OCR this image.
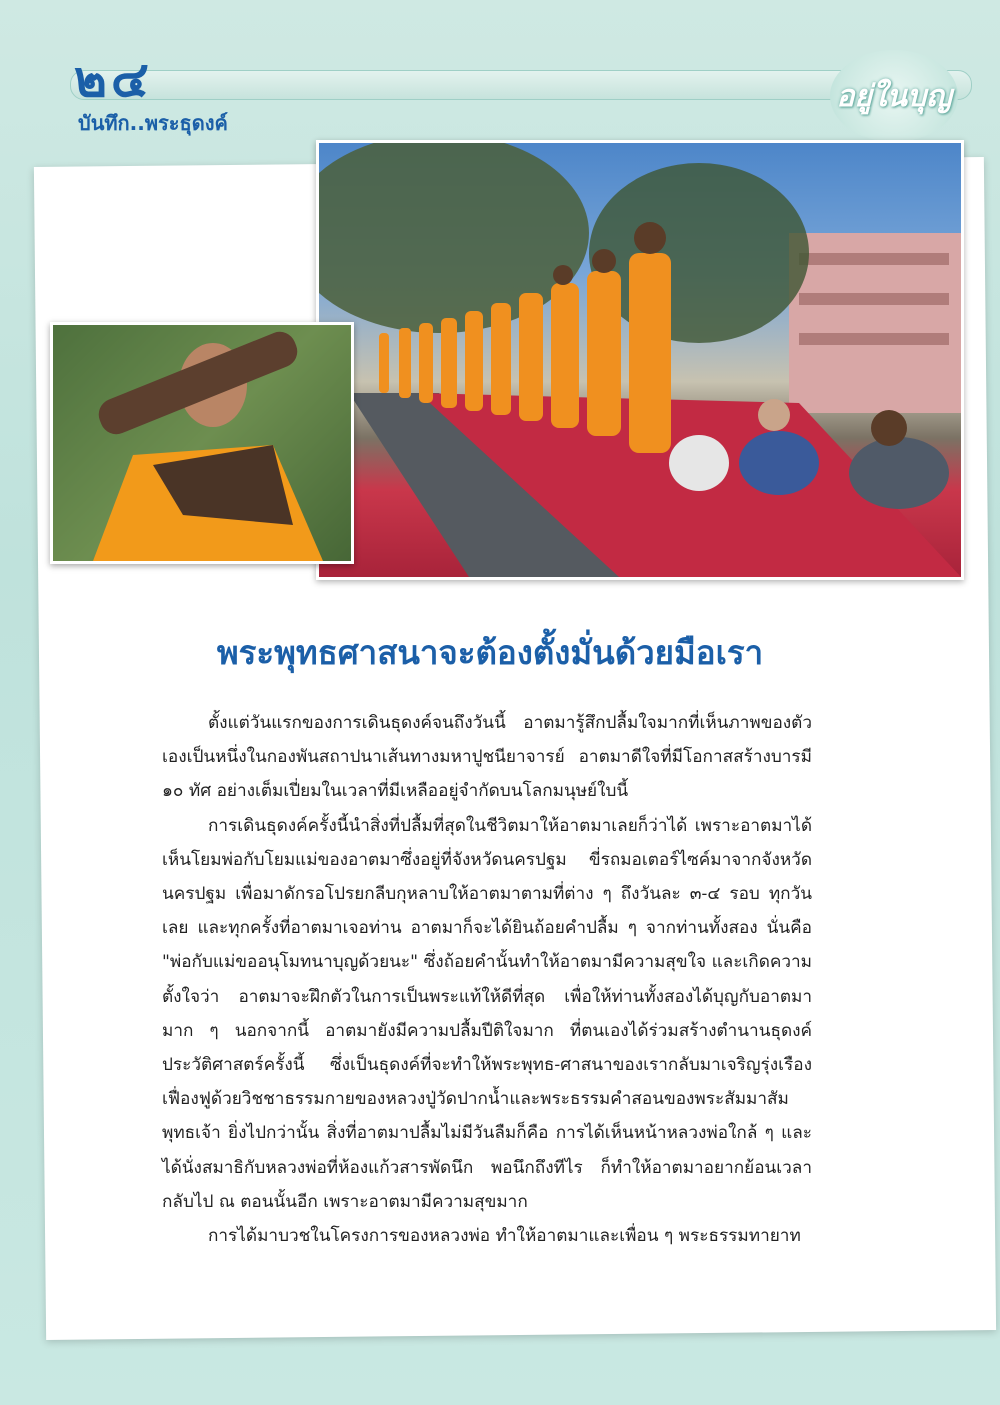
๒๔
บันทึก..พระธุดงค์
อยู่ในบุญ
พระพุทธศาสนาจะต้องตั้งมั่นด้วยมือเรา

ตั้งแต่วันแรกของการเดินธุดงค์จนถึงวันนี้ อาตมารู้สึกปลื้มใจมากที่เห็นภาพของตัวเองเป็นหนึ่งในกองพันสถาปนาเส้นทางมหาปูชนียาจารย์ อาตมาดีใจที่มีโอกาสสร้างบารมี ๑๐ ทัศ อย่างเต็มเปี่ยมในเวลาที่มีเหลืออยู่จำกัดบนโลกมนุษย์ใบนี้

การเดินธุดงค์ครั้งนี้นำสิ่งที่ปลื้มที่สุดในชีวิตมาให้อาตมาเลยก็ว่าได้ เพราะอาตมาได้เห็นโยมพ่อกับโยมแม่ของอาตมาซึ่งอยู่ที่จังหวัดนครปฐม ขี่รถมอเตอร์ไซค์มาจากจังหวัดนครปฐม เพื่อมาดักรอโปรยกลีบกุหลาบให้อาตมาตามที่ต่าง ๆ ถึงวันละ ๓-๔ รอบ ทุกวันเลย และทุกครั้งที่อาตมาเจอท่าน อาตมาก็จะได้ยินถ้อยคำปลื้ม ๆ จากท่านทั้งสอง นั่นคือ "พ่อกับแม่ขออนุโมทนาบุญด้วยนะ" ซึ่งถ้อยคำนั้นทำให้อาตมามีความสุขใจ และเกิดความตั้งใจว่า อาตมาจะฝึกตัวในการเป็นพระแท้ให้ดีที่สุด เพื่อให้ท่านทั้งสองได้บุญกับอาตมามาก ๆ นอกจากนี้ อาตมายังมีความปลื้มปีติใจมาก ที่ตนเองได้ร่วมสร้างตำนานธุดงค์ประวัติศาสตร์ครั้งนี้ ซึ่งเป็นธุดงค์ที่จะทำให้พระพุทธ-ศาสนาของเรากลับมาเจริญรุ่งเรืองเฟื่องฟูด้วยวิชชาธรรมกายของหลวงปู่วัดปากน้ำและพระธรรมคำสอนของพระสัมมาสัมพุทธเจ้า ยิ่งไปกว่านั้น สิ่งที่อาตมาปลื้มไม่มีวันลืมก็คือ การได้เห็นหน้าหลวงพ่อใกล้ ๆ และได้นั่งสมาธิกับหลวงพ่อที่ห้องแก้วสารพัดนึก พอนึกถึงทีไร ก็ทำให้อาตมาอยากย้อนเวลากลับไป ณ ตอนนั้นอีก เพราะอาตมามีความสุขมาก

การได้มาบวชในโครงการของหลวงพ่อ ทำให้อาตมาและเพื่อน ๆ พระธรรมทายาท
